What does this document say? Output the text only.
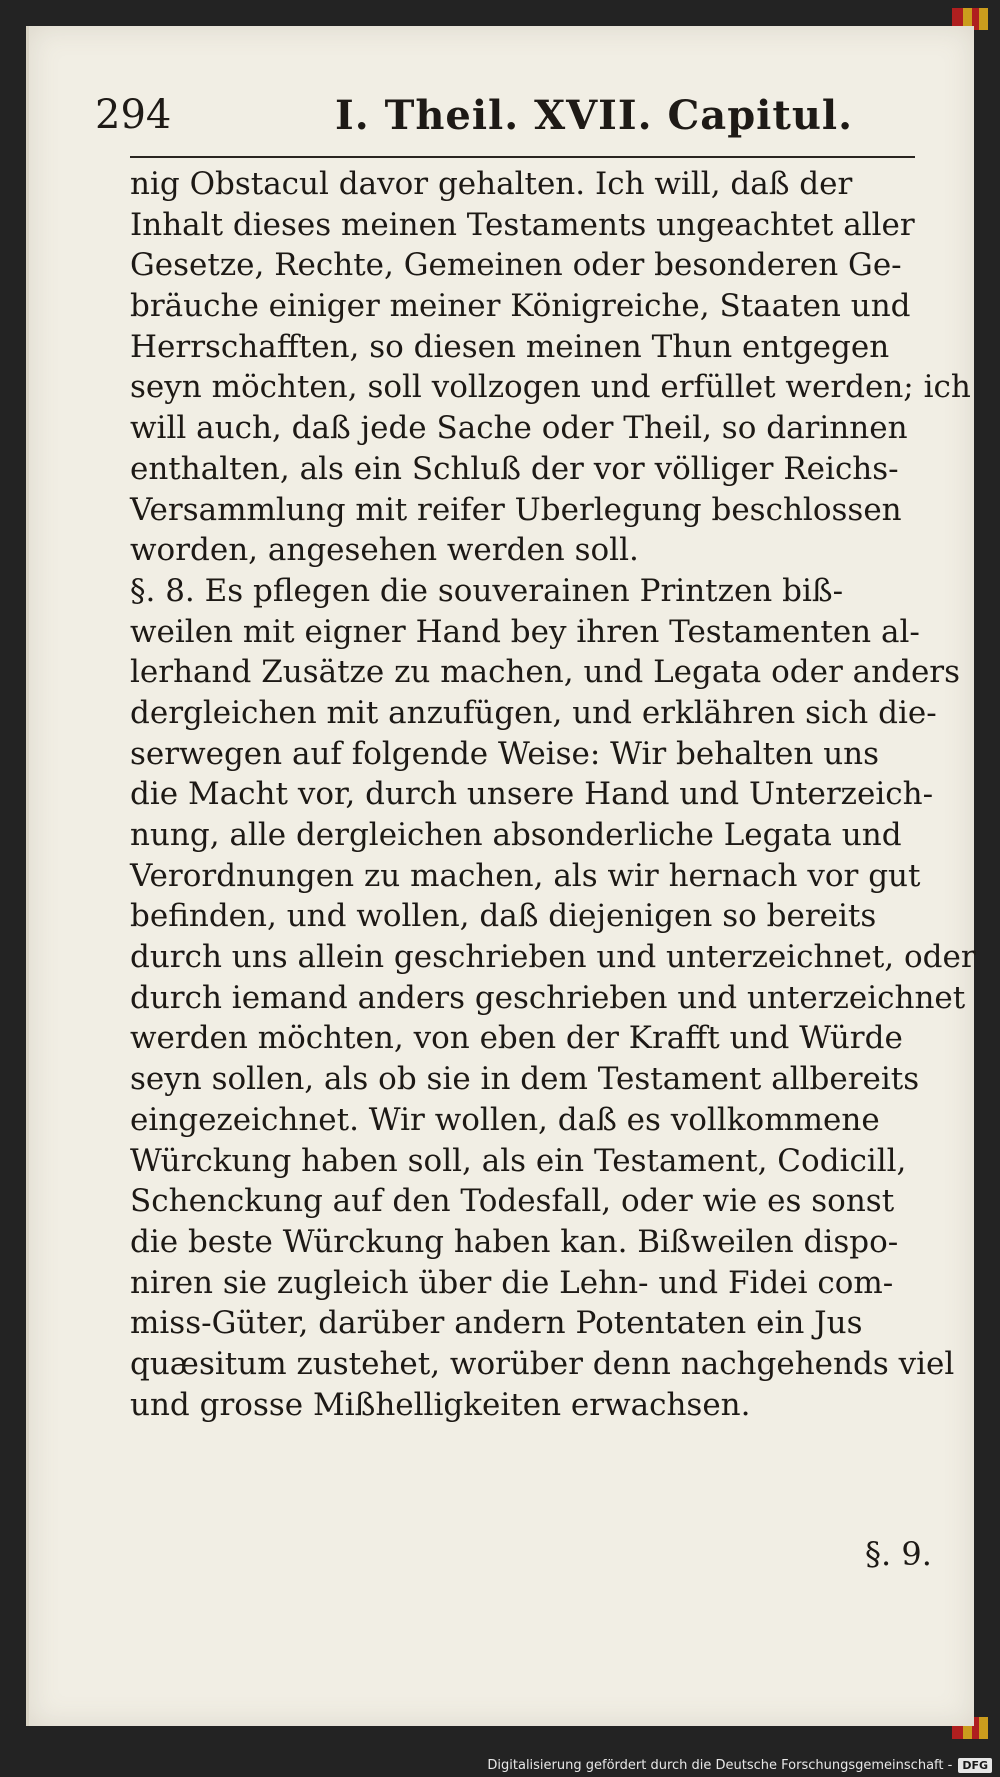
294	I. Theil. XVII. Capitul.
nig Obstacul davor gehalten. Ich will, daß der
Inhalt dieses meinen Testaments ungeachtet aller
Gesetze, Rechte, Gemeinen oder besonderen Ge-
bräuche einiger meiner Königreiche, Staaten und
Herrschafften, so diesen meinen Thun entgegen
seyn möchten, soll vollzogen und erfüllet werden; ich
will auch, daß jede Sache oder Theil, so darinnen
enthalten, als ein Schluß der vor völliger Reichs-
Versammlung mit reifer Uberlegung beschlossen
worden, angesehen werden soll.
§. 8. Es pflegen die souverainen Printzen biß-
weilen mit eigner Hand bey ihren Testamenten al-
lerhand Zusätze zu machen, und Legata oder anders
dergleichen mit anzufügen, und erklähren sich die-
serwegen auf folgende Weise: Wir behalten uns
die Macht vor, durch unsere Hand und Unterzeich-
nung, alle dergleichen absonderliche Legata und
Verordnungen zu machen, als wir hernach vor gut
befinden, und wollen, daß diejenigen so bereits
durch uns allein geschrieben und unterzeichnet, oder
durch iemand anders geschrieben und unterzeichnet
werden möchten, von eben der Krafft und Würde
seyn sollen, als ob sie in dem Testament allbereits
eingezeichnet. Wir wollen, daß es vollkommene
Würckung haben soll, als ein Testament, Codicill,
Schenckung auf den Todesfall, oder wie es sonst
die beste Würckung haben kan. Bißweilen dispo-
niren sie zugleich über die Lehn- und Fidei com-
miss-Güter, darüber andern Potentaten ein Jus
quæsitum zustehet, worüber denn nachgehends viel
und grosse Mißhelligkeiten erwachsen.
§. 9.
Digitalisierung gefördert durch die Deutsche Forschungsgemeinschaft - DFG
